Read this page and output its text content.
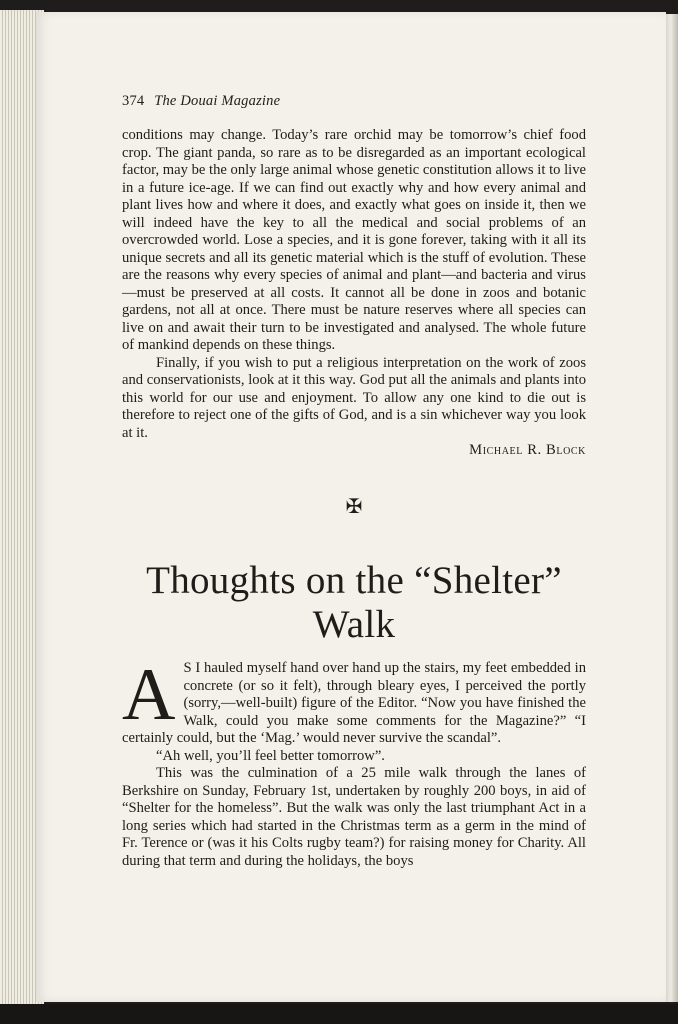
374 The Douai Magazine

conditions may change. Today’s rare orchid may be tomorrow’s chief food crop. The giant panda, so rare as to be disregarded as an important ecological factor, may be the only large animal whose genetic constitution allows it to live in a future ice-age. If we can find out exactly why and how every animal and plant lives how and where it does, and exactly what goes on inside it, then we will indeed have the key to all the medical and social problems of an overcrowded world. Lose a species, and it is gone forever, taking with it all its unique secrets and all its genetic material which is the stuff of evolution. These are the reasons why every species of animal and plant—and bacteria and virus—must be preserved at all costs. It cannot all be done in zoos and botanic gardens, not all at once. There must be nature reserves where all species can live on and await their turn to be investigated and analysed. The whole future of mankind depends on these things.

Finally, if you wish to put a religious interpretation on the work of zoos and conservationists, look at it this way. God put all the animals and plants into this world for our use and enjoyment. To allow any one kind to die out is therefore to reject one of the gifts of God, and is a sin whichever way you look at it.

Michael R. Block
✠
Thoughts on the “Shelter”
Walk

A S I hauled myself hand over hand up the stairs, my feet embedded in concrete (or so it felt), through bleary eyes, I perceived the portly (sorry,—well-built) figure of the Editor. “Now you have finished the Walk, could you make some comments for the Magazine?” “I certainly could, but the ‘Mag.’ would never survive the scandal”.

“Ah well, you’ll feel better tomorrow”.

This was the culmination of a 25 mile walk through the lanes of Berkshire on Sunday, February 1st, undertaken by roughly 200 boys, in aid of “Shelter for the homeless”. But the walk was only the last triumphant Act in a long series which had started in the Christmas term as a germ in the mind of Fr. Terence or (was it his Colts rugby team?) for raising money for Charity. All during that term and during the holidays, the boys
